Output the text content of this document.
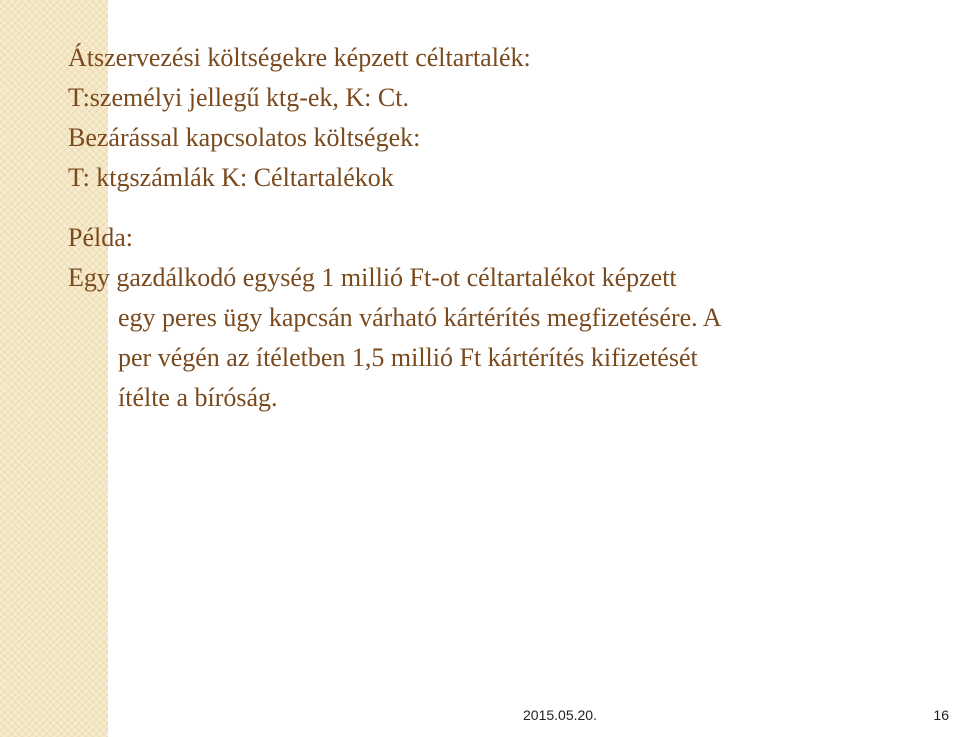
Átszervezési költségekre képzett céltartalék:
T:személyi jellegű ktg-ek, K: Ct.
Bezárással kapcsolatos költségek:
T: ktgszámlák K: Céltartalékok
Példa:
Egy gazdálkodó egység 1 millió Ft-ot céltartalékot képzett
egy peres ügy kapcsán várható kártérítés megfizetésére. A
per végén az ítéletben 1,5 millió Ft kártérítés kifizetését
ítélte a bíróság.
2015.05.20.	16
